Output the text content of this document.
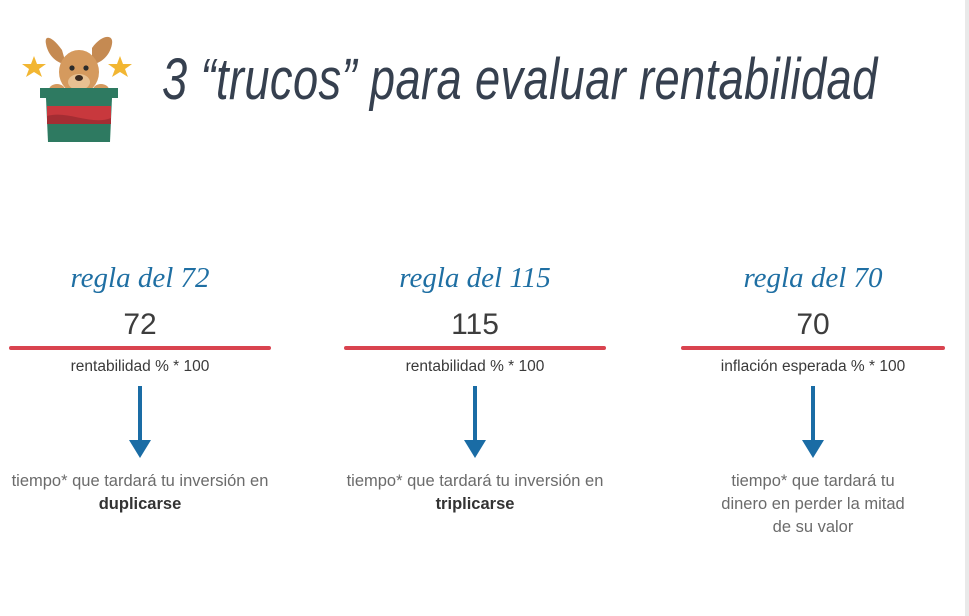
3 “trucos” para evaluar rentabilidad
regla del 72
72
rentabilidad % * 100
tiempo* que tardará tu inversión en duplicarse
regla del 115
115
rentabilidad % * 100
tiempo* que tardará tu inversión en triplicarse
regla del 70
70
inflación esperada % * 100
tiempo* que tardará tu dinero en perder la mitad de su valor
